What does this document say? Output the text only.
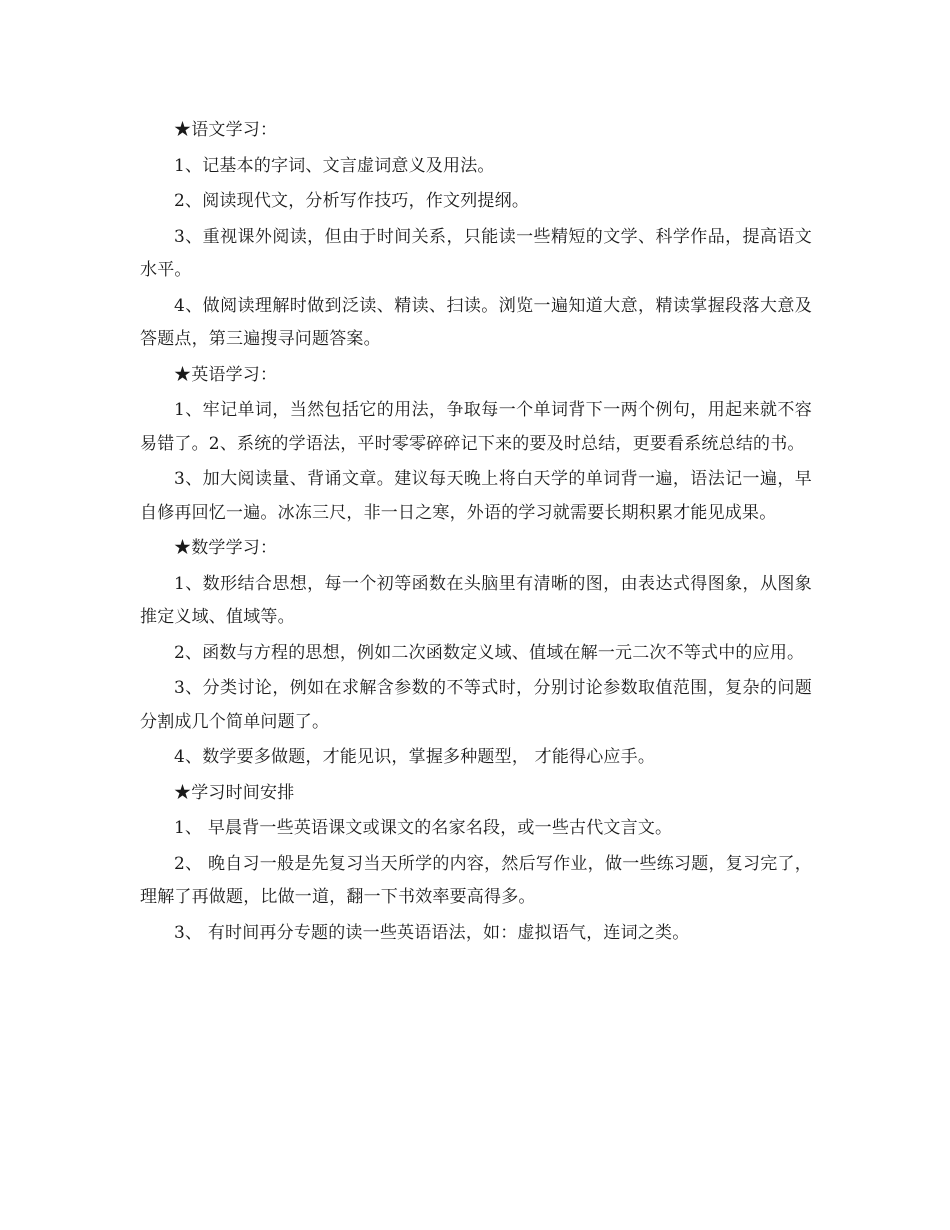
★语文学习：

1、记基本的字词、文言虚词意义及用法。

2、阅读现代文，分析写作技巧，作文列提纲。

3、重视课外阅读，但由于时间关系，只能读一些精短的文学、科学作品，提高语文水平。

4、做阅读理解时做到泛读、精读、扫读。浏览一遍知道大意，精读掌握段落大意及答题点，第三遍搜寻问题答案。

★英语学习：

1、牢记单词，当然包括它的用法，争取每一个单词背下一两个例句，用起来就不容易错了。2、系统的学语法，平时零零碎碎记下来的要及时总结，更要看系统总结的书。

3、加大阅读量、背诵文章。建议每天晚上将白天学的单词背一遍，语法记一遍，早自修再回忆一遍。冰冻三尺，非一日之寒，外语的学习就需要长期积累才能见成果。

★数学学习：

1、数形结合思想，每一个初等函数在头脑里有清晰的图，由表达式得图象，从图象推定义域、值域等。

2、函数与方程的思想，例如二次函数定义域、值域在解一元二次不等式中的应用。

3、分类讨论，例如在求解含参数的不等式时，分别讨论参数取值范围，复杂的问题分割成几个简单问题了。

4、数学要多做题，才能见识，掌握多种题型， 才能得心应手。

★学习时间安排

1、 早晨背一些英语课文或课文的名家名段，或一些古代文言文。

2、 晚自习一般是先复习当天所学的内容，然后写作业，做一些练习题，复习完了，理解了再做题，比做一道，翻一下书效率要高得多。

3、 有时间再分专题的读一些英语语法，如：虚拟语气，连词之类。
